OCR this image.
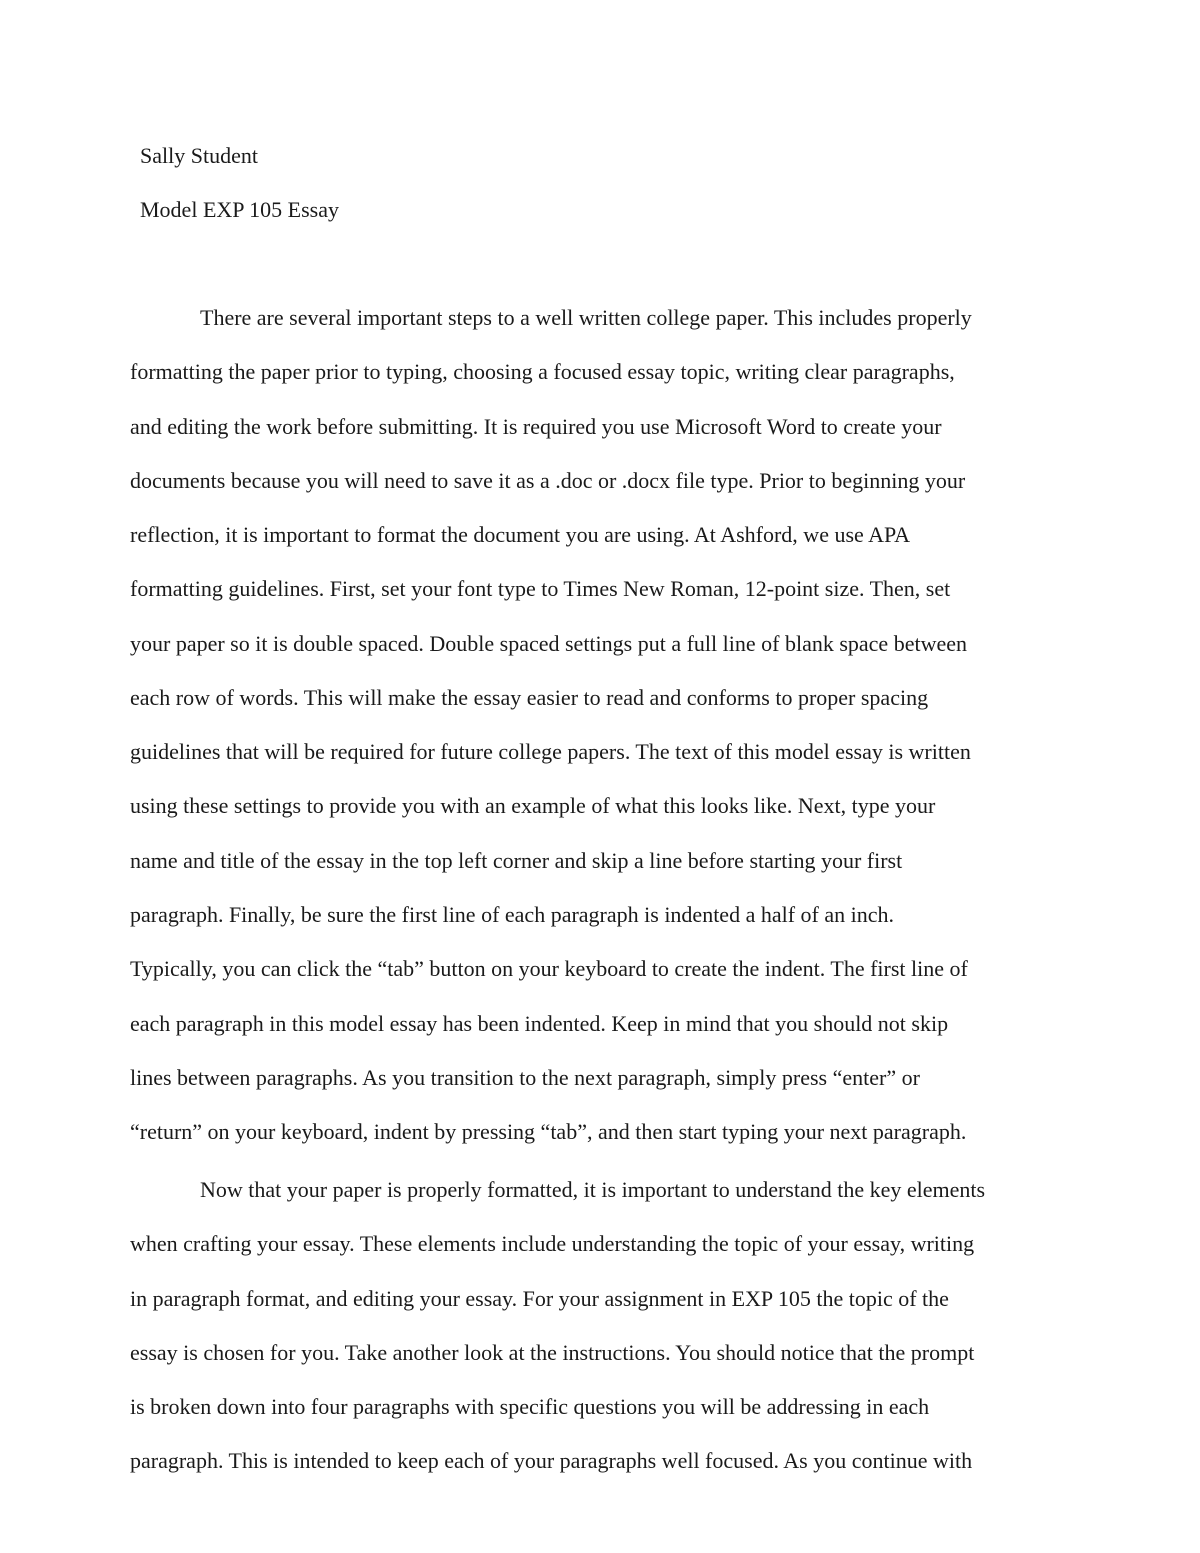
Sally Student
Model EXP 105 Essay
There are several important steps to a well written college paper. This includes properly
formatting the paper prior to typing, choosing a focused essay topic, writing clear paragraphs,
and editing the work before submitting. It is required you use Microsoft Word to create your
documents because you will need to save it as a .doc or .docx file type. Prior to beginning your
reflection, it is important to format the document you are using. At Ashford, we use APA
formatting guidelines. First, set your font type to Times New Roman, 12-point size. Then, set
your paper so it is double spaced. Double spaced settings put a full line of blank space between
each row of words. This will make the essay easier to read and conforms to proper spacing
guidelines that will be required for future college papers. The text of this model essay is written
using these settings to provide you with an example of what this looks like. Next, type your
name and title of the essay in the top left corner and skip a line before starting your first
paragraph. Finally, be sure the first line of each paragraph is indented a half of an inch.
Typically, you can click the “tab” button on your keyboard to create the indent. The first line of
each paragraph in this model essay has been indented. Keep in mind that you should not skip
lines between paragraphs. As you transition to the next paragraph, simply press “enter” or
“return” on your keyboard, indent by pressing “tab”, and then start typing your next paragraph.
Now that your paper is properly formatted, it is important to understand the key elements
when crafting your essay. These elements include understanding the topic of your essay, writing
in paragraph format, and editing your essay. For your assignment in EXP 105 the topic of the
essay is chosen for you. Take another look at the instructions. You should notice that the prompt
is broken down into four paragraphs with specific questions you will be addressing in each
paragraph. This is intended to keep each of your paragraphs well focused. As you continue with
